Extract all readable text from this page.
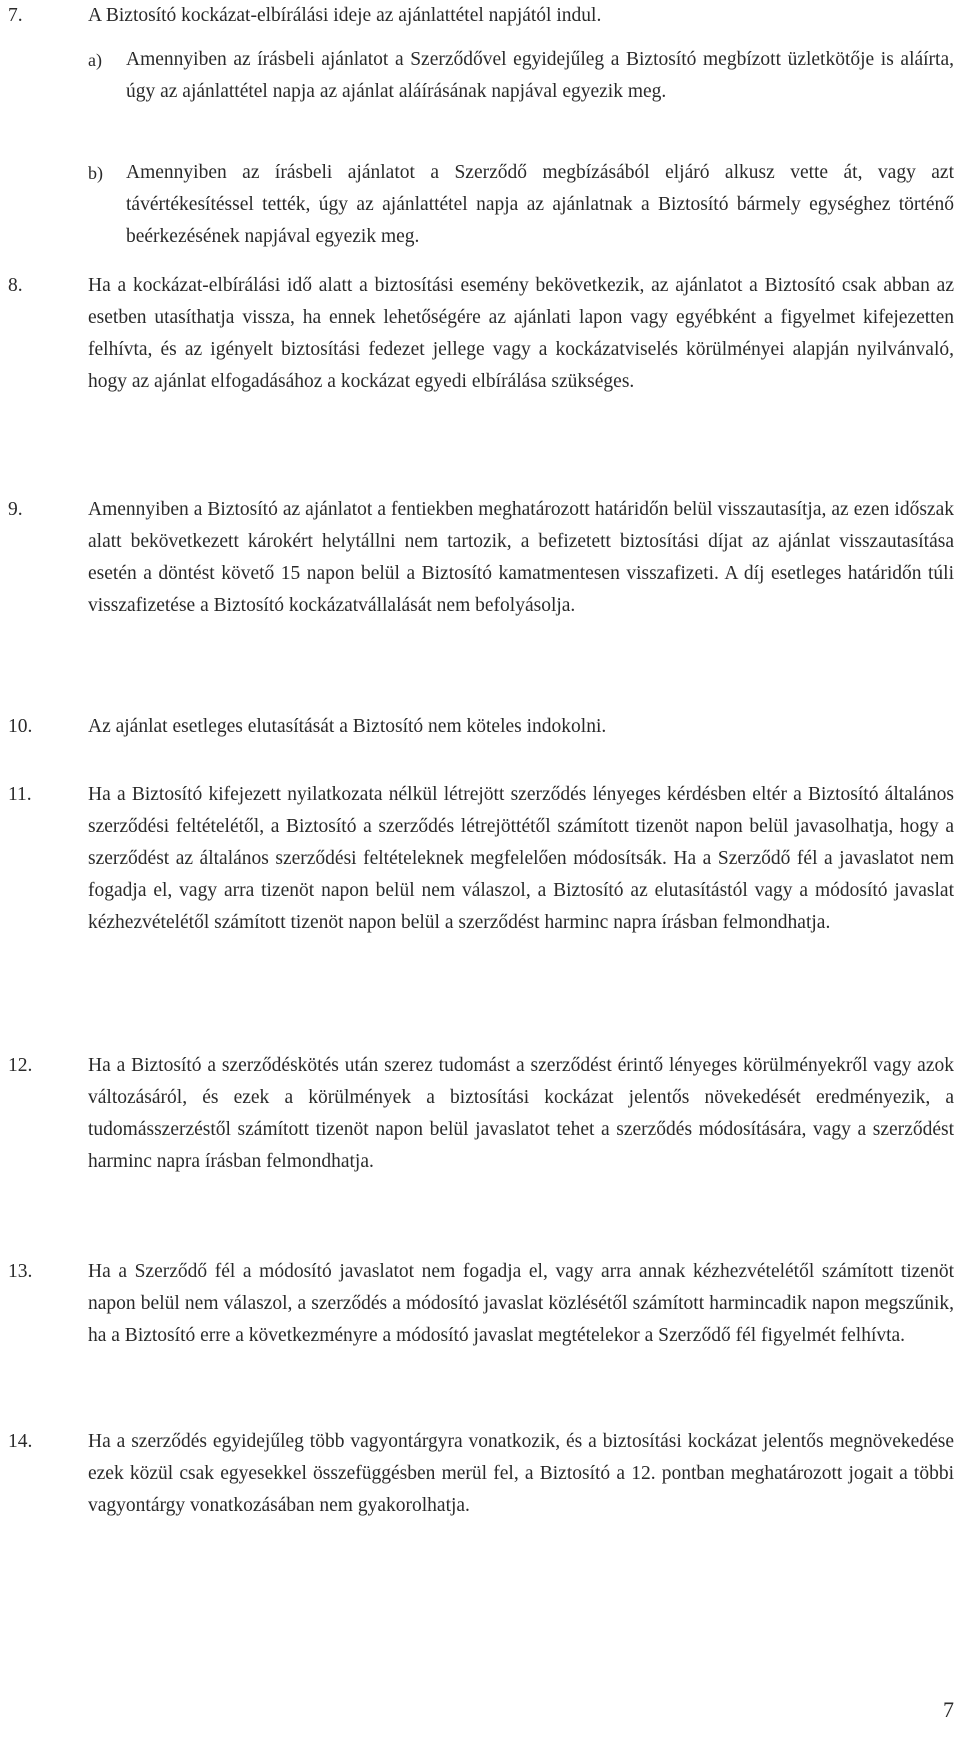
7.	A Biztosító kockázat-elbírálási ideje az ajánlattétel napjától indul.
a) Amennyiben az írásbeli ajánlatot a Szerződővel egyidejűleg a Biztosító megbízott üzletkötője is aláírta, úgy az ajánlattétel napja az ajánlat aláírásának napjával egyezik meg.
b) Amennyiben az írásbeli ajánlatot a Szerződő megbízásából eljáró alkusz vette át, vagy azt távértékesítéssel tették, úgy az ajánlattétel napja az ajánlatnak a Biztosító bármely egységhez történő beérkezésének napjával egyezik meg.
8.	Ha a kockázat-elbírálási idő alatt a biztosítási esemény bekövetkezik, az ajánlatot a Biztosító csak abban az esetben utasíthatja vissza, ha ennek lehetőségére az ajánlati lapon vagy egyébként a figyelmet kifejezetten felhívta, és az igényelt biztosítási fedezet jellege vagy a kockázatviselés körülményei alapján nyilvánvaló, hogy az ajánlat elfogadásához a kockázat egyedi elbírálása szükséges.
9.	Amennyiben a Biztosító az ajánlatot a fentiekben meghatározott határidőn belül visszautasítja, az ezen időszak alatt bekövetkezett károkért helytállni nem tartozik, a befizetett biztosítási díjat az ajánlat visszautasítása esetén a döntést követő 15 napon belül a Biztosító kamatmentesen visszafizeti. A díj esetleges határidőn túli visszafizetése a Biztosító kockázatvállalását nem befolyásolja.
10.	Az ajánlat esetleges elutasítását a Biztosító nem köteles indokolni.
11.	Ha a Biztosító kifejezett nyilatkozata nélkül létrejött szerződés lényeges kérdésben eltér a Biztosító általános szerződési feltételétől, a Biztosító a szerződés létrejöttétől számított tizenöt napon belül javasolhatja, hogy a szerződést az általános szerződési feltételeknek megfelelően módosítsák. Ha a Szerződő fél a javaslatot nem fogadja el, vagy arra tizenöt napon belül nem válaszol, a Biztosító az elutasítástól vagy a módosító javaslat kézhezvételétől számított tizenöt napon belül a szerződést harminc napra írásban felmondhatja.
12.	Ha a Biztosító a szerződéskötés után szerez tudomást a szerződést érintő lényeges körülményekről vagy azok változásáról, és ezek a körülmények a biztosítási kockázat jelentős növekedését eredményezik, a tudomásszerzéstől számított tizenöt napon belül javaslatot tehet a szerződés módosítására, vagy a szerződést harminc napra írásban felmondhatja.
13.	Ha a Szerződő fél a módosító javaslatot nem fogadja el, vagy arra annak kézhezvételétől számított tizenöt napon belül nem válaszol, a szerződés a módosító javaslat közlésétől számított harmincadik napon megszűnik, ha a Biztosító erre a következményre a módosító javaslat megtételekor a Szerződő fél figyelmét felhívta.
14.	Ha a szerződés egyidejűleg több vagyontárgyra vonatkozik, és a biztosítási kockázat jelentős megnövekedése ezek közül csak egyesekkel összefüggésben merül fel, a Biztosító a 12. pontban meghatározott jogait a többi vagyontárgy vonatkozásában nem gyakorolhatja.
7
